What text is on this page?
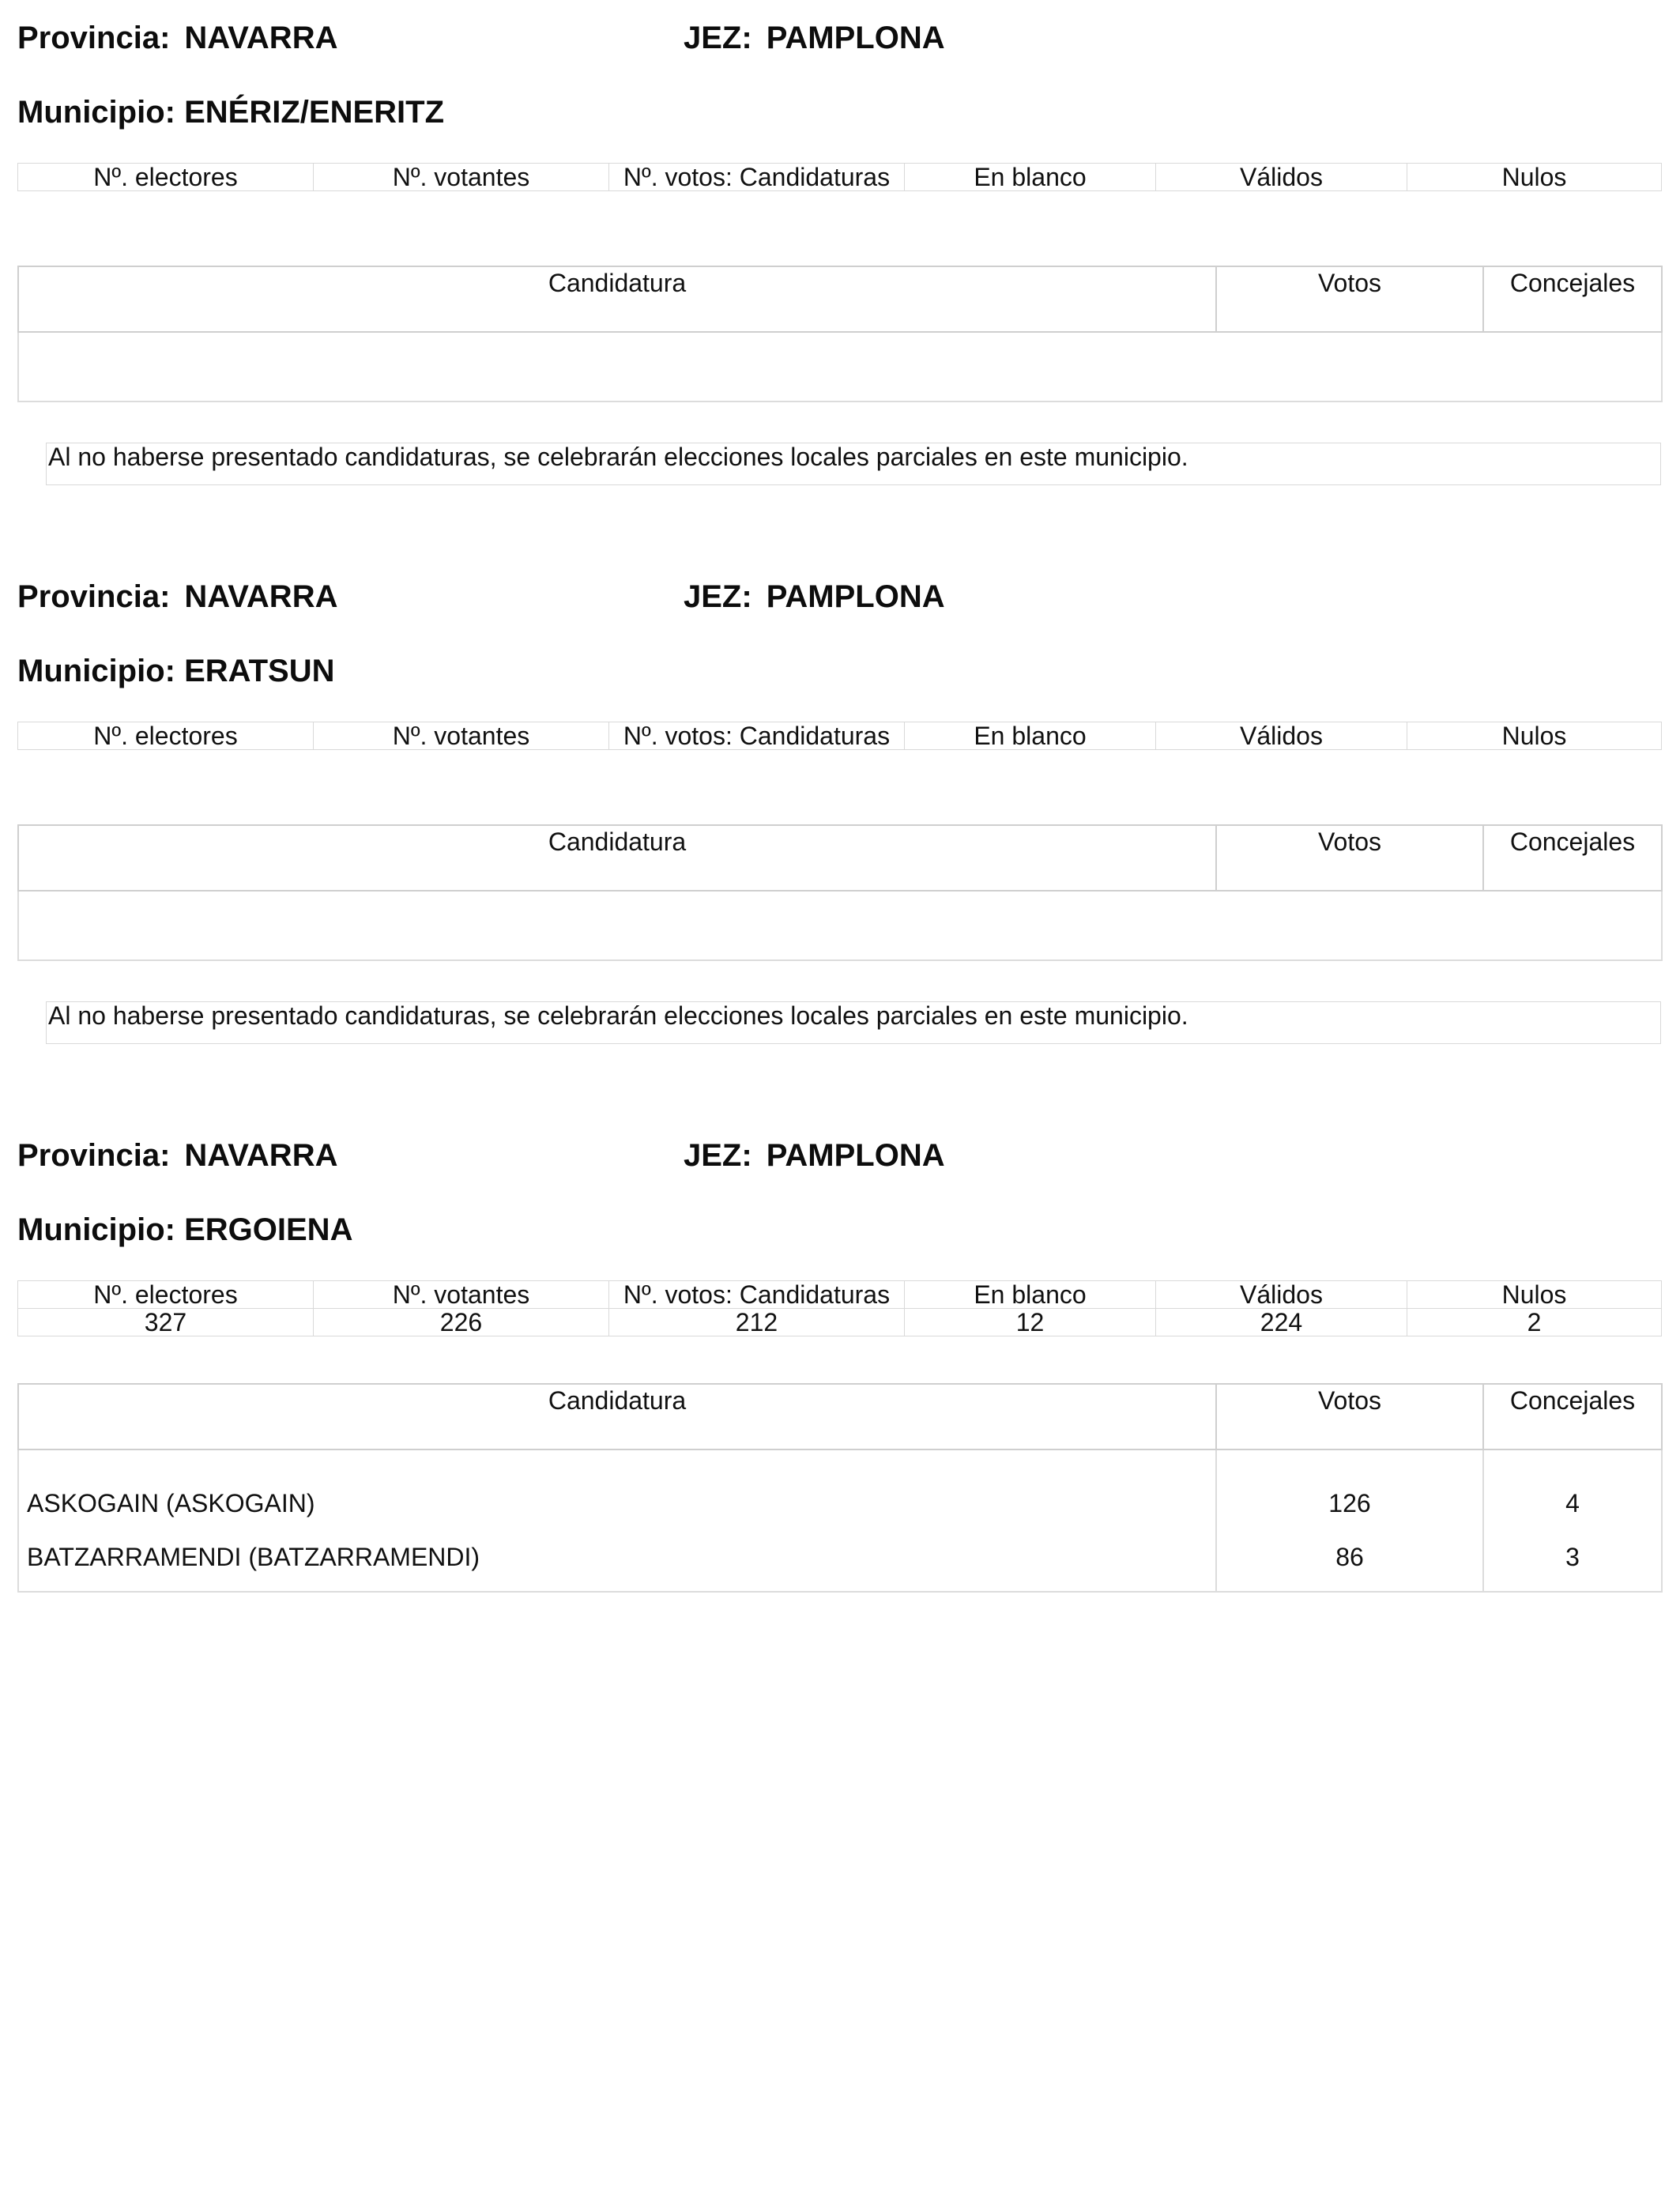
Provincia: NAVARRA	JEZ: PAMPLONA
Municipio: ENÉRIZ/ENERITZ
Nº. electores	Nº. votantes	Nº. votos: Candidaturas	En blanco	Válidos	Nulos
Candidatura	Votos	Concejales

Al no haberse presentado candidaturas, se celebrarán elecciones locales parciales en este municipio.
Provincia: NAVARRA	JEZ: PAMPLONA
Municipio: ERATSUN
Nº. electores	Nº. votantes	Nº. votos: Candidaturas	En blanco	Válidos	Nulos
Candidatura	Votos	Concejales

Al no haberse presentado candidaturas, se celebrarán elecciones locales parciales en este municipio.
Provincia: NAVARRA	JEZ: PAMPLONA
Municipio: ERGOIENA
Nº. electores	Nº. votantes	Nº. votos: Candidaturas	En blanco	Válidos	Nulos
327	226	212	12	224	2
Candidatura	Votos	Concejales
ASKOGAIN (ASKOGAIN)	126	4
BATZARRAMENDI (BATZARRAMENDI)	86	3
